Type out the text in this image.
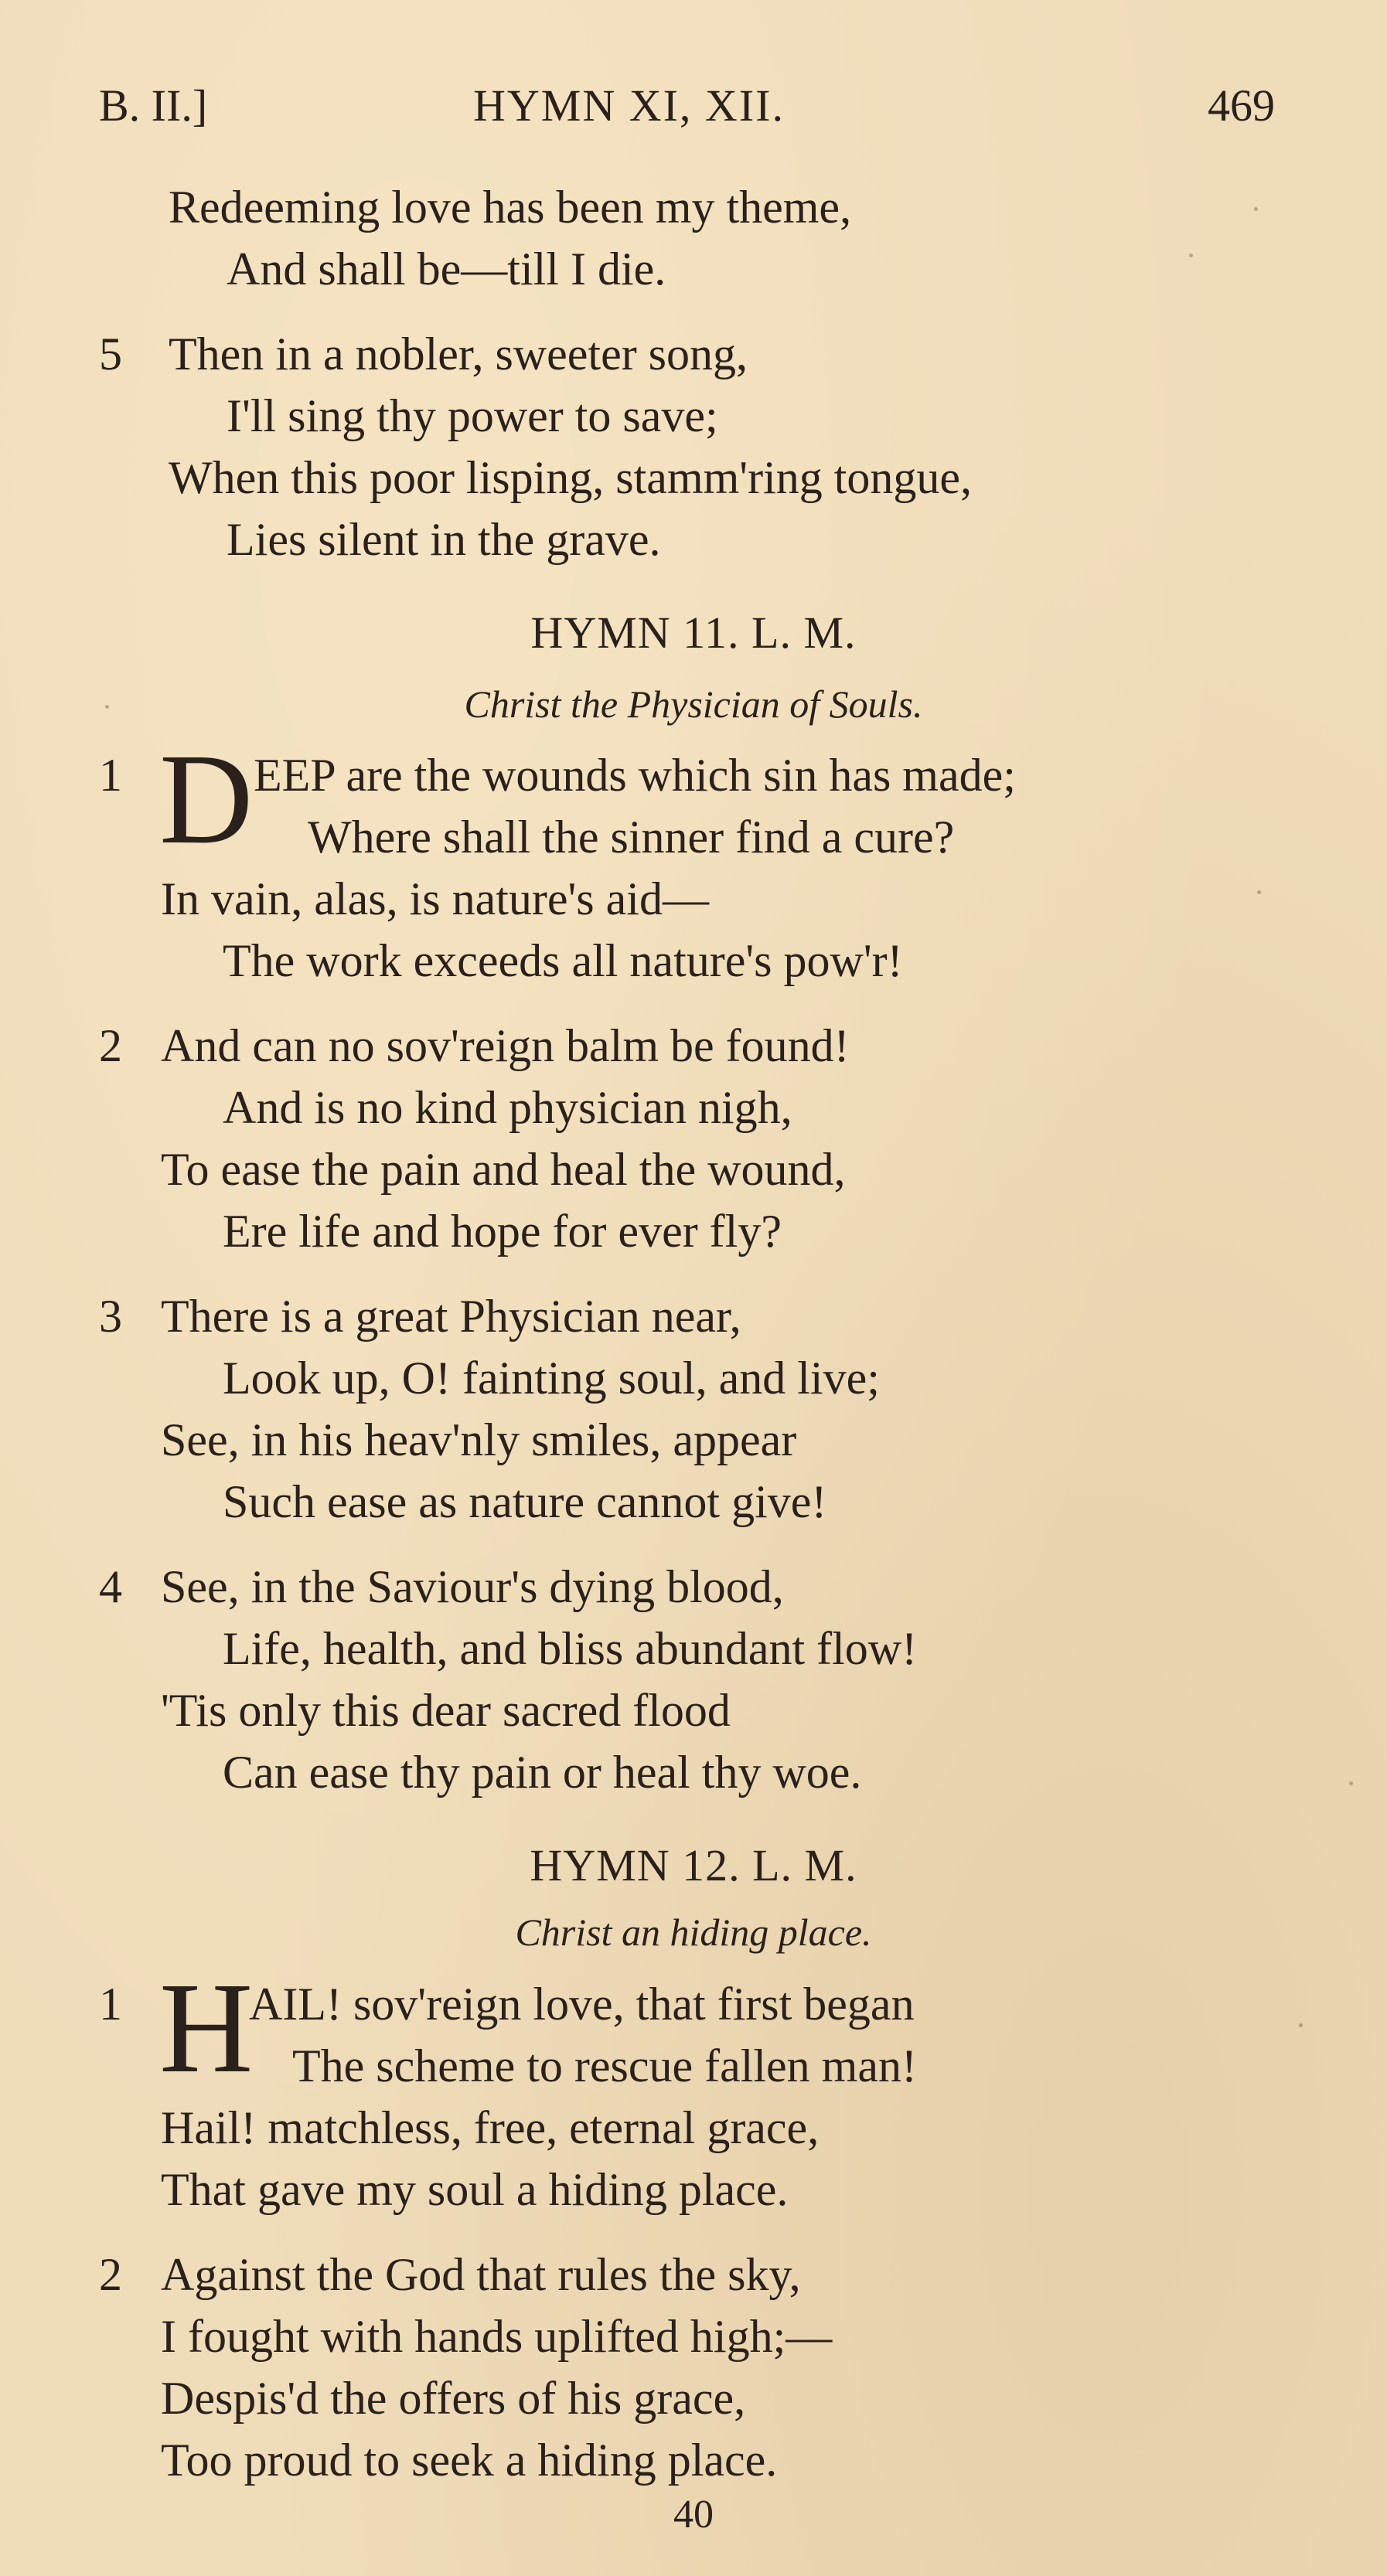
B. II.]	HYMN XI, XII.	469
Redeeming love has been my theme,
And shall be—till I die.
5 Then in a nobler, sweeter song,
I'll sing thy power to save;
When this poor lisping, stamm'ring tongue,
Lies silent in the grave.
HYMN 11. L. M.
Christ the Physician of Souls.
1 D EEP are the wounds which sin has made;
Where shall the sinner find a cure?
In vain, alas, is nature's aid—
The work exceeds all nature's pow'r!
2 And can no sov'reign balm be found!
And is no kind physician nigh,
To ease the pain and heal the wound,
Ere life and hope for ever fly?
3 There is a great Physician near,
Look up, O! fainting soul, and live;
See, in his heav'nly smiles, appear
Such ease as nature cannot give!
4 See, in the Saviour's dying blood,
Life, health, and bliss abundant flow!
'Tis only this dear sacred flood
Can ease thy pain or heal thy woe.
HYMN 12. L. M.
Christ an hiding place.
1 H
AIL! sov'reign love, that first began
The scheme to rescue fallen man!
Hail! matchless, free, eternal grace,
That gave my soul a hiding place.
2 Against the God that rules the sky,
I fought with hands uplifted high;—
Despis'd the offers of his grace,
Too proud to seek a hiding place.
40
